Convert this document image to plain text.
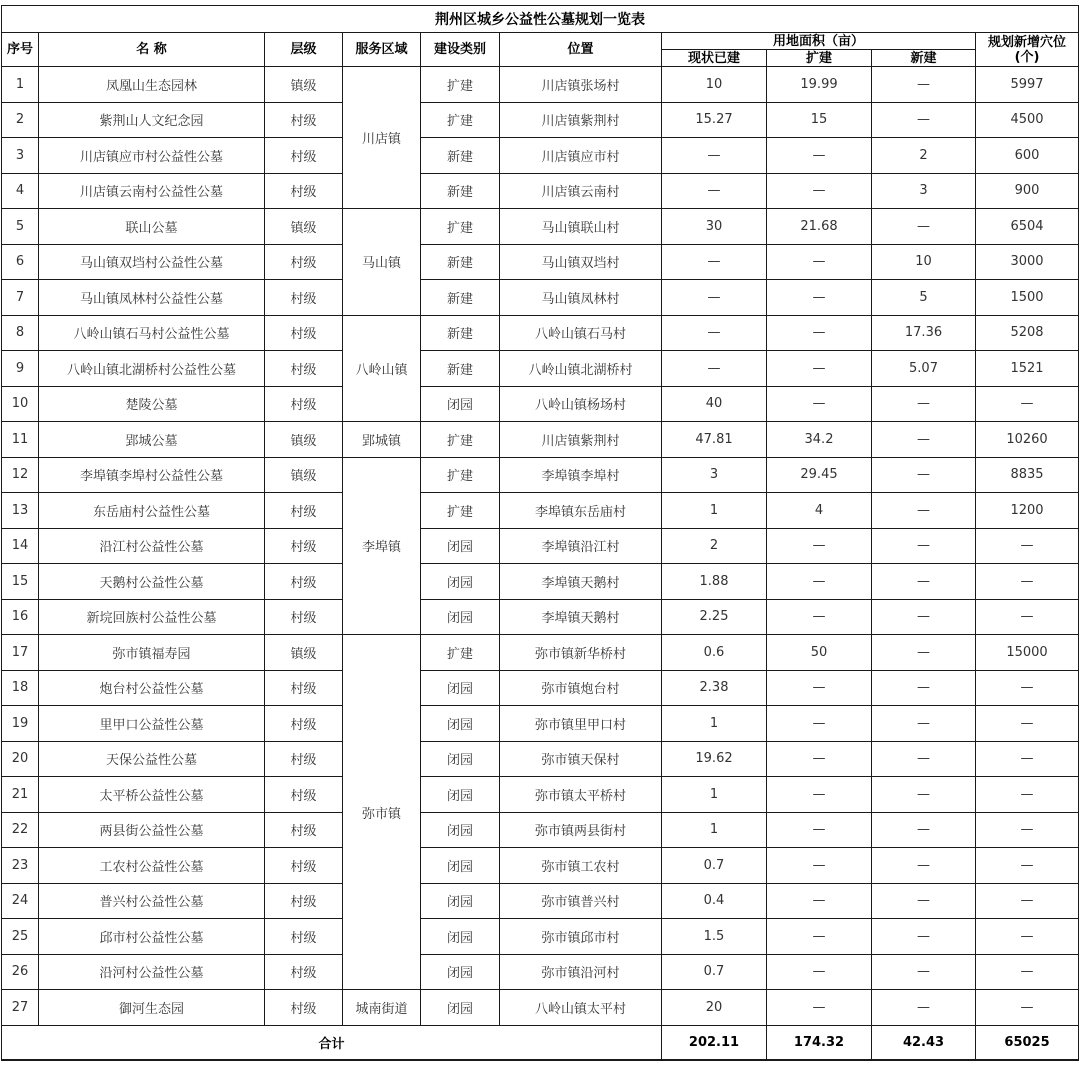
荆州区城乡公益性公墓规划一览表									
序号	名 称	层级	服务区域	建设类别	位置	用地面积（亩）			规划新增穴位
(个)

						现状已建	扩建	新建	
1	凤凰山生态园林	镇级	川店镇	扩建	川店镇张场村	10	19.99	—	5997
2	紫荆山人文纪念园	村级		扩建	川店镇紫荆村	15.27	15	—	4500
3	川店镇应市村公益性公墓	村级		新建	川店镇应市村	—	—	2	600
4	川店镇云南村公益性公墓	村级		新建	川店镇云南村	—	—	3	900
5	联山公墓	镇级	马山镇	扩建	马山镇联山村	30	21.68	—	6504
6	马山镇双垱村公益性公墓	村级		新建	马山镇双垱村	—	—	10	3000
7	马山镇凤林村公益性公墓	村级		新建	马山镇凤林村	—	—	5	1500
8	八岭山镇石马村公益性公墓	村级	八岭山镇	新建	八岭山镇石马村	—	—	17.36	5208
9	八岭山镇北湖桥村公益性公墓	村级		新建	八岭山镇北湖桥村	—	—	5.07	1521
10	楚陵公墓	村级		闭园	八岭山镇杨场村	40	—	—	—
11	郢城公墓	镇级	郢城镇	扩建	川店镇紫荆村	47.81	34.2	—	10260
12	李埠镇李埠村公益性公墓	镇级	李埠镇	扩建	李埠镇李埠村	3	29.45	—	8835
13	东岳庙村公益性公墓	村级		扩建	李埠镇东岳庙村	1	4	—	1200
14	沿江村公益性公墓	村级		闭园	李埠镇沿江村	2	—	—	—
15	天鹅村公益性公墓	村级		闭园	李埠镇天鹅村	1.88	—	—	—
16	新垸回族村公益性公墓	村级		闭园	李埠镇天鹅村	2.25	—	—	—
17	弥市镇福寿园	镇级	弥市镇	扩建	弥市镇新华桥村	0.6	50	—	15000
18	炮台村公益性公墓	村级		闭园	弥市镇炮台村	2.38	—	—	—
19	里甲口公益性公墓	村级		闭园	弥市镇里甲口村	1	—	—	—
20	天保公益性公墓	村级		闭园	弥市镇天保村	19.62	—	—	—
21	太平桥公益性公墓	村级		闭园	弥市镇太平桥村	1	—	—	—
22	两县街公益性公墓	村级		闭园	弥市镇两县街村	1	—	—	—
23	工农村公益性公墓	村级		闭园	弥市镇工农村	0.7	—	—	—
24	普兴村公益性公墓	村级		闭园	弥市镇普兴村	0.4	—	—	—
25	邱市村公益性公墓	村级		闭园	弥市镇邱市村	1.5	—	—	—
26	沿河村公益性公墓	村级		闭园	弥市镇沿河村	0.7	—	—	—
27	御河生态园	村级	城南街道	闭园	八岭山镇太平村	20	—	—	—
合计						202.11	174.32	42.43	65025
